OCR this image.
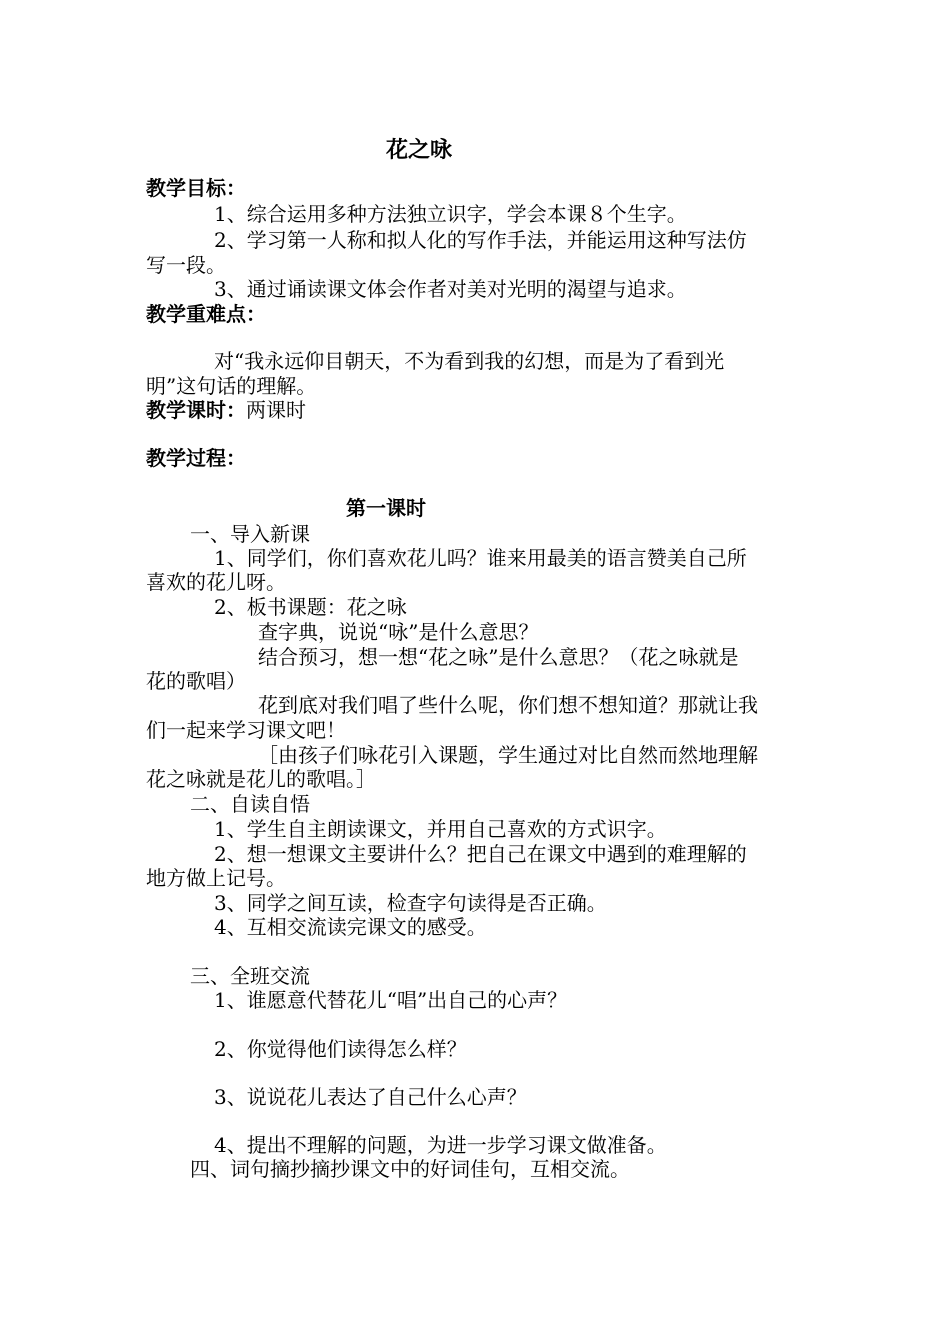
花之咏
教学目标：
1、综合运用多种方法独立识字，学会本课８个生字。
2、学习第一人称和拟人化的写作手法，并能运用这种写法仿
写一段。
3、通过诵读课文体会作者对美对光明的渴望与追求。
教学重难点：
对“我永远仰目朝天，不为看到我的幻想，而是为了看到光
明”这句话的理解。
教学课时：两课时
教学过程：
第一课时
一、导入新课
1、同学们，你们喜欢花儿吗？谁来用最美的语言赞美自己所
喜欢的花儿呀。
2、板书课题：花之咏
查字典，说说“咏”是什么意思？
结合预习，想一想“花之咏”是什么意思？（花之咏就是
花的歌唱）
花到底对我们唱了些什么呢，你们想不想知道？那就让我
们一起来学习课文吧！
［由孩子们咏花引入课题，学生通过对比自然而然地理解
花之咏就是花儿的歌唱。］
二、自读自悟
1、学生自主朗读课文，并用自己喜欢的方式识字。
2、想一想课文主要讲什么？把自己在课文中遇到的难理解的
地方做上记号。
3、同学之间互读，检查字句读得是否正确。
4、互相交流读完课文的感受。
三、全班交流
1、谁愿意代替花儿“唱”出自己的心声？
2、你觉得他们读得怎么样？
3、说说花儿表达了自己什么心声？
4、提出不理解的问题，为进一步学习课文做准备。
四、词句摘抄摘抄课文中的好词佳句，互相交流。
